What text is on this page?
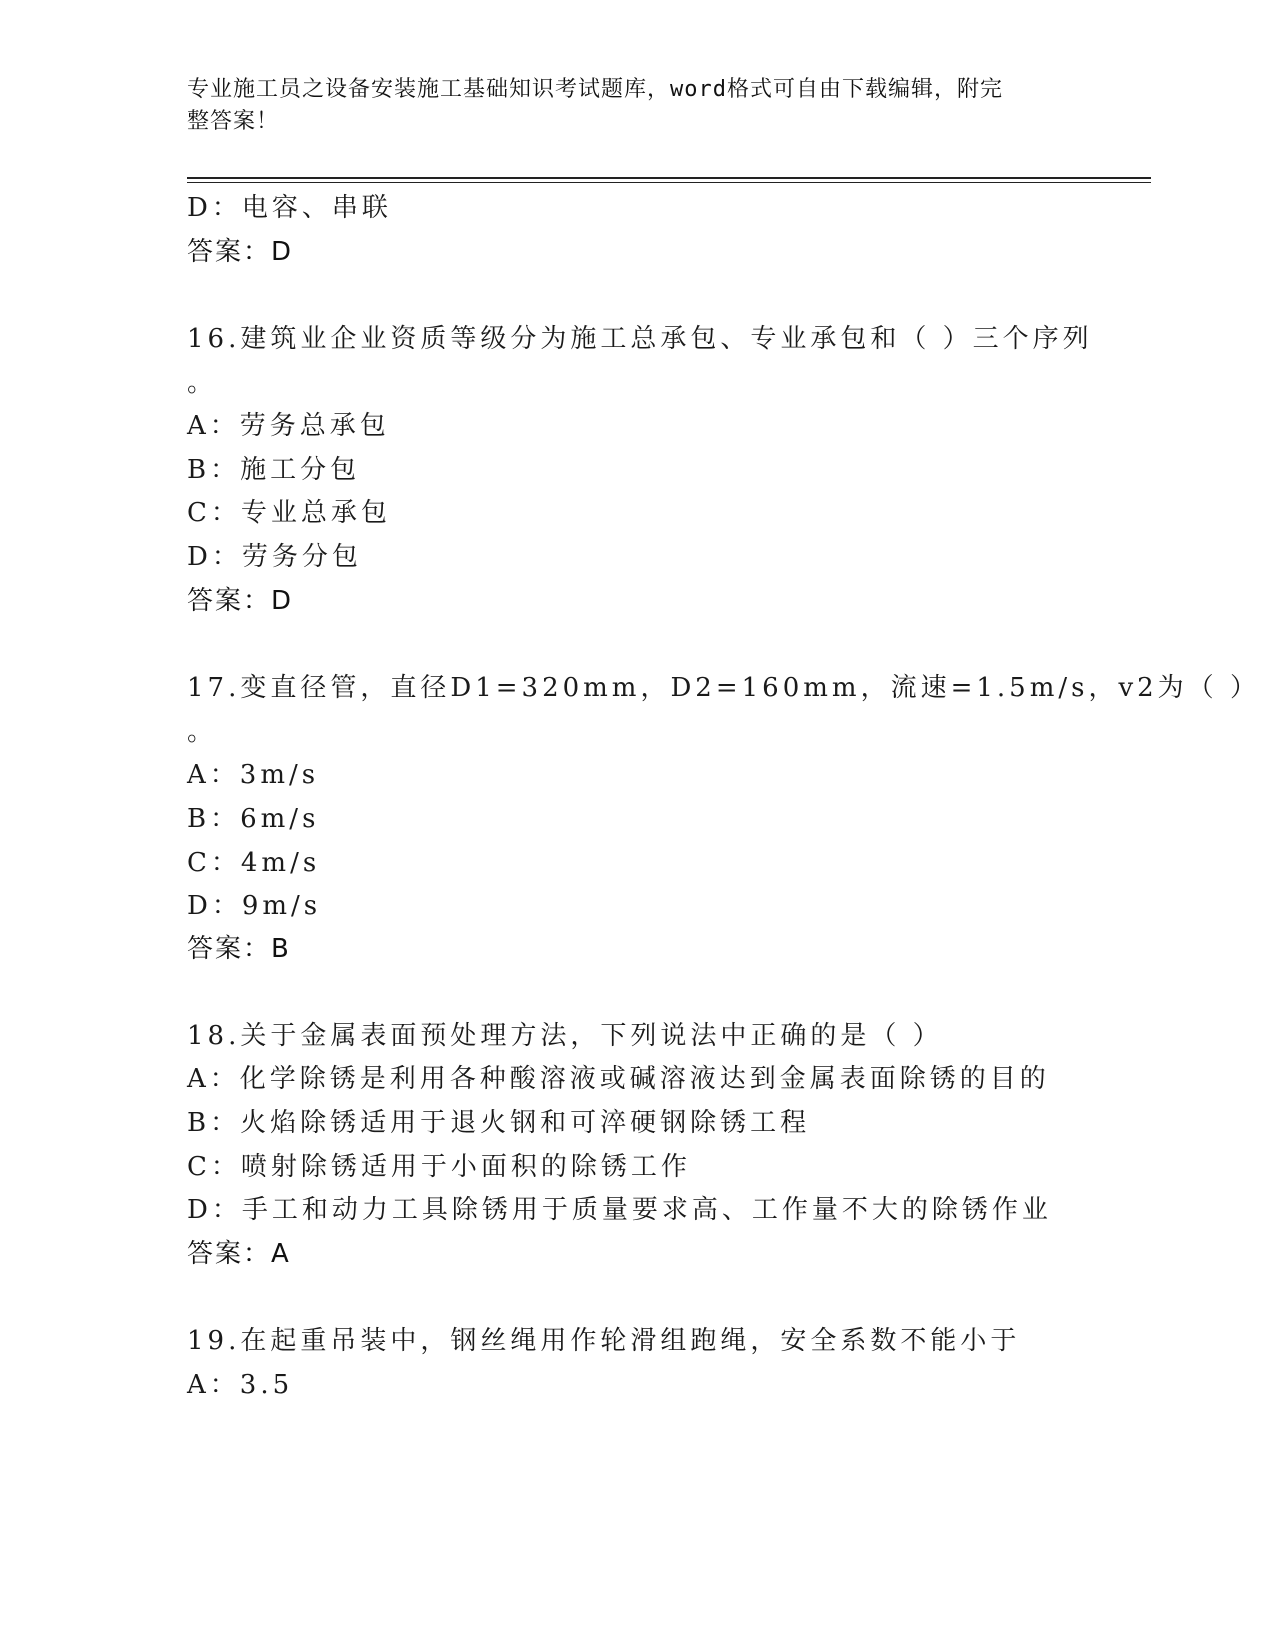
专业施工员之设备安装施工基础知识考试题库，word格式可自由下载编辑，附完
整答案！
D：电容、串联
答案：D
16.建筑业企业资质等级分为施工总承包、专业承包和（ ）三个序列
。
A：劳务总承包
B：施工分包
C：专业总承包
D：劳务分包
答案：D
17.变直径管，直径D1=320mm，D2=160mm，流速=1.5m/s，v2为（ ）
。
A：3m/s
B：6m/s
C：4m/s
D：9m/s
答案：B
18.关于金属表面预处理方法，下列说法中正确的是（ ）
A：化学除锈是利用各种酸溶液或碱溶液达到金属表面除锈的目的
B：火焰除锈适用于退火钢和可淬硬钢除锈工程
C：喷射除锈适用于小面积的除锈工作
D：手工和动力工具除锈用于质量要求高、工作量不大的除锈作业
答案：A
19.在起重吊装中，钢丝绳用作轮滑组跑绳，安全系数不能小于
A：3.5
